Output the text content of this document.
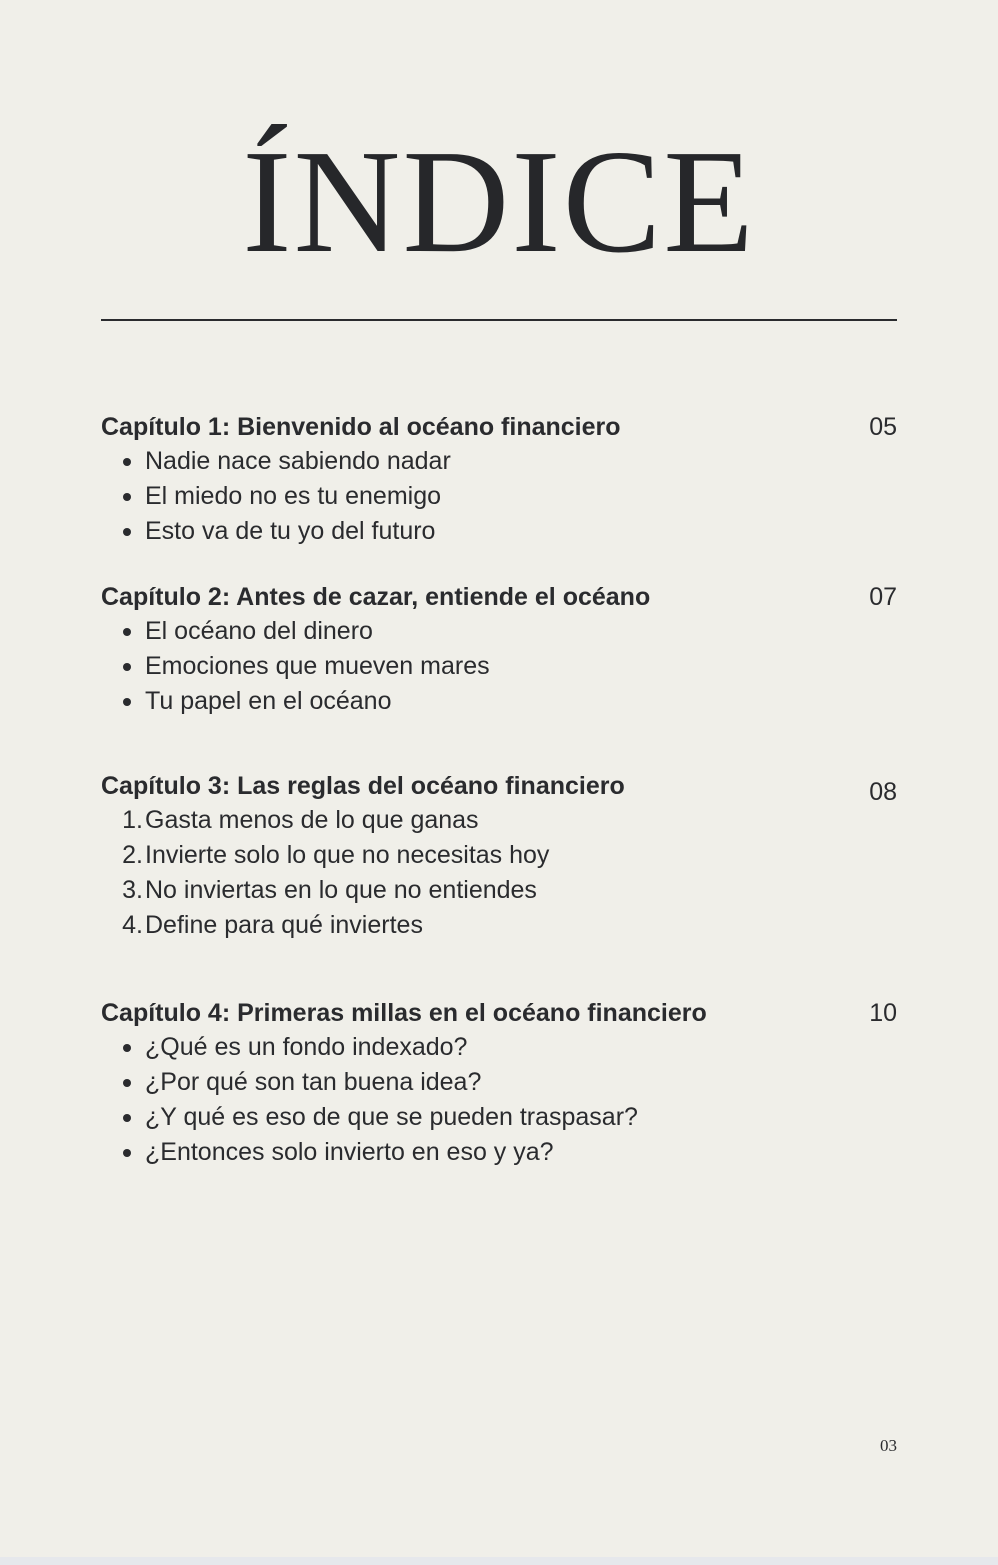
ÍNDICE
Capítulo 1: Bienvenido al océano financiero	05
Nadie nace sabiendo nadar
El miedo no es tu enemigo
Esto va de tu yo del futuro
Capítulo 2: Antes de cazar, entiende el océano	07
El océano del dinero
Emociones que mueven mares
Tu papel en el océano
Capítulo 3: Las reglas del océano financiero	08
1. Gasta menos de lo que ganas
2. Invierte solo lo que no necesitas hoy
3. No inviertas en lo que no entiendes
4. Define para qué inviertes
Capítulo 4: Primeras millas en el océano financiero	10
¿Qué es un fondo indexado?
¿Por qué son tan buena idea?
¿Y qué es eso de que se pueden traspasar?
¿Entonces solo invierto en eso y ya?
03
